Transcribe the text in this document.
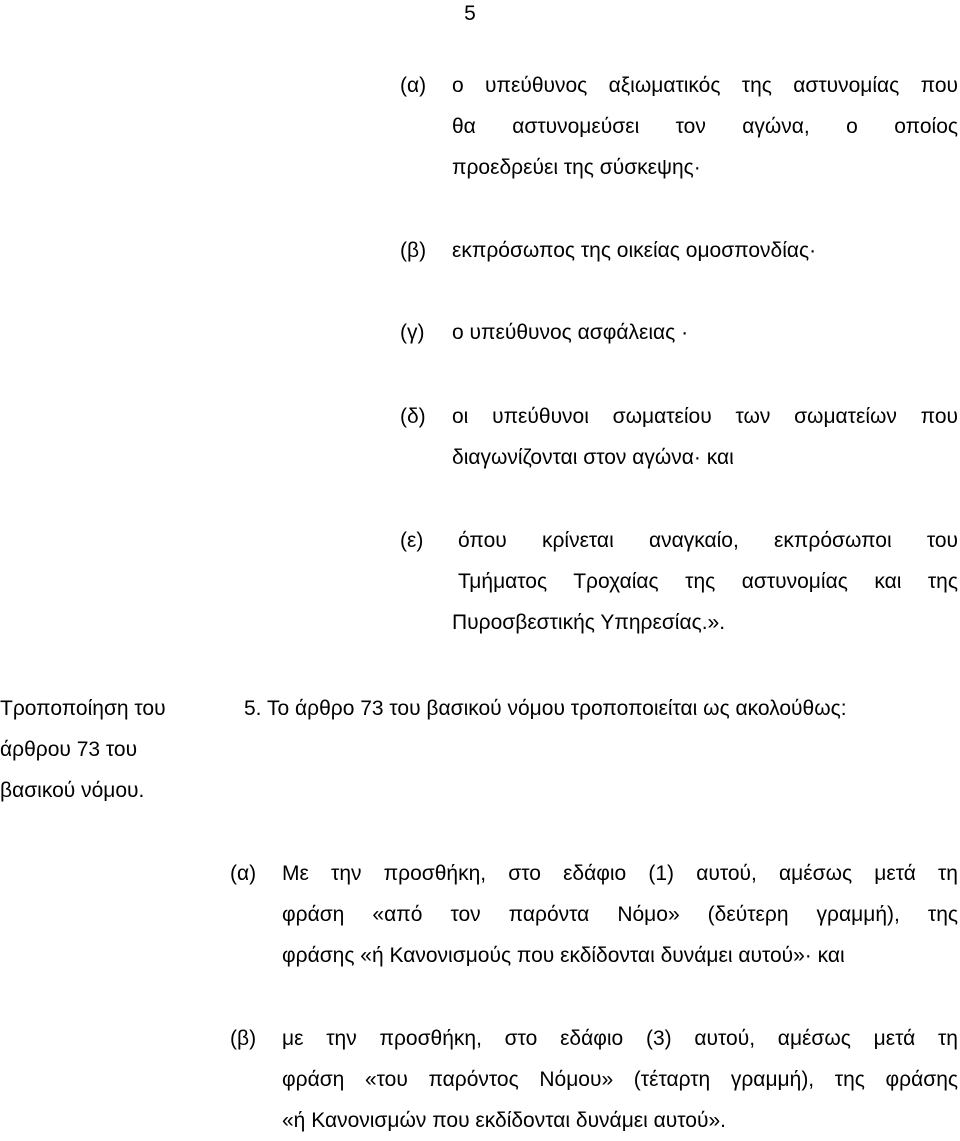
5
(α) ο υπεύθυνος αξιωματικός της αστυνομίας που
θα αστυνομεύσει τον αγώνα, ο οποίος
προεδρεύει της σύσκεψης·
(β) εκπρόσωπος της οικείας ομοσπονδίας·
(γ) ο υπεύθυνος ασφάλειας ·
(δ) οι υπεύθυνοι σωματείου των σωματείων που
διαγωνίζονται στον αγώνα· και
(ε) όπου κρίνεται αναγκαίο, εκπρόσωποι του
Τμήματος Τροχαίας της αστυνομίας και της
Πυροσβεστικής Υπηρεσίας.».
Τροποποίηση του
άρθρου 73 του
βασικού νόμου.
5. Το άρθρο 73 του βασικού νόμου τροποποιείται ως ακολούθως:
(α) Με την προσθήκη, στο εδάφιο (1) αυτού, αμέσως μετά τη
φράση «από τον παρόντα Νόμο» (δεύτερη γραμμή), της
φράσης «ή Κανονισμούς που εκδίδονται δυνάμει αυτού»· και
(β) με την προσθήκη, στο εδάφιο (3) αυτού, αμέσως μετά τη
φράση «του παρόντος Νόμου» (τέταρτη γραμμή), της φράσης
«ή Κανονισμών που εκδίδονται δυνάμει αυτού».
